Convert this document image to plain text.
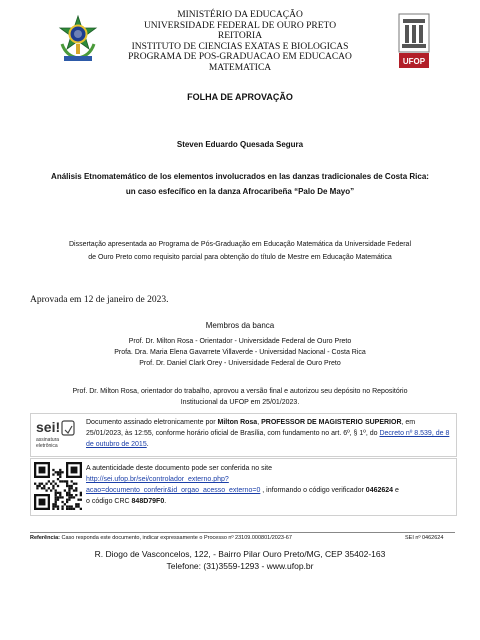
MINISTÉRIO DA EDUCAÇÃO
UNIVERSIDADE FEDERAL DE OURO PRETO
REITORIA
INSTITUTO DE CIENCIAS EXATAS E BIOLOGICAS
PROGRAMA DE POS-GRADUACAO EM EDUCACAO
MATEMATICA
UFOP
FOLHA DE APROVAÇÃO
Steven Eduardo Quesada Segura
Análisis Etnomatemático de los elementos involucrados en las danzas tradicionales de Costa Rica:
un caso esfecífico en la danza Afrocaribeña “Palo De Mayo”
Dissertação apresentada ao Programa de Pós-Graduação em Educação Matemática da Universidade Federal
de Ouro Preto como requisito parcial para obtenção do título de Mestre em Educação Matemática
Aprovada em 12 de janeiro de 2023.
Membros da banca
Prof. Dr. Milton Rosa - Orientador - Universidade Federal de Ouro Preto
Profa. Dra. Maria Elena Gavarrete Villaverde - Universidad Nacional - Costa Rica
Prof. Dr. Daniel Clark Orey - Universidade Federal de Ouro Preto
Prof. Dr. Milton Rosa, orientador do trabalho, aprovou a versão final e autorizou seu depósito no Repositório
Institucional da UFOP em 25/01/2023.
sei!
assinatura
eletrônica
Documento assinado eletronicamente por Milton Rosa, PROFESSOR DE MAGISTERIO SUPERIOR, em 25/01/2023, às 12:55, conforme horário oficial de Brasília, com fundamento no art. 6º, § 1º, do Decreto nº 8.539, de 8 de outubro de 2015.
A autenticidade deste documento pode ser conferida no site
http://sei.ufop.br/sei/controlador_externo.php?
acao=documento_conferir&id_orgao_acesso_externo=0 , informando o código verificador 0462624 e
o código CRC 848D79F0.
Referência: Caso responda este documento, indicar expressamente o Processo nº 23109.000801/2023‑67	SEI nº 0462624
R. Diogo de Vasconcelos, 122, - Bairro Pilar Ouro Preto/MG, CEP 35402-163
Telefone: (31)3559-1293 - www.ufop.br
